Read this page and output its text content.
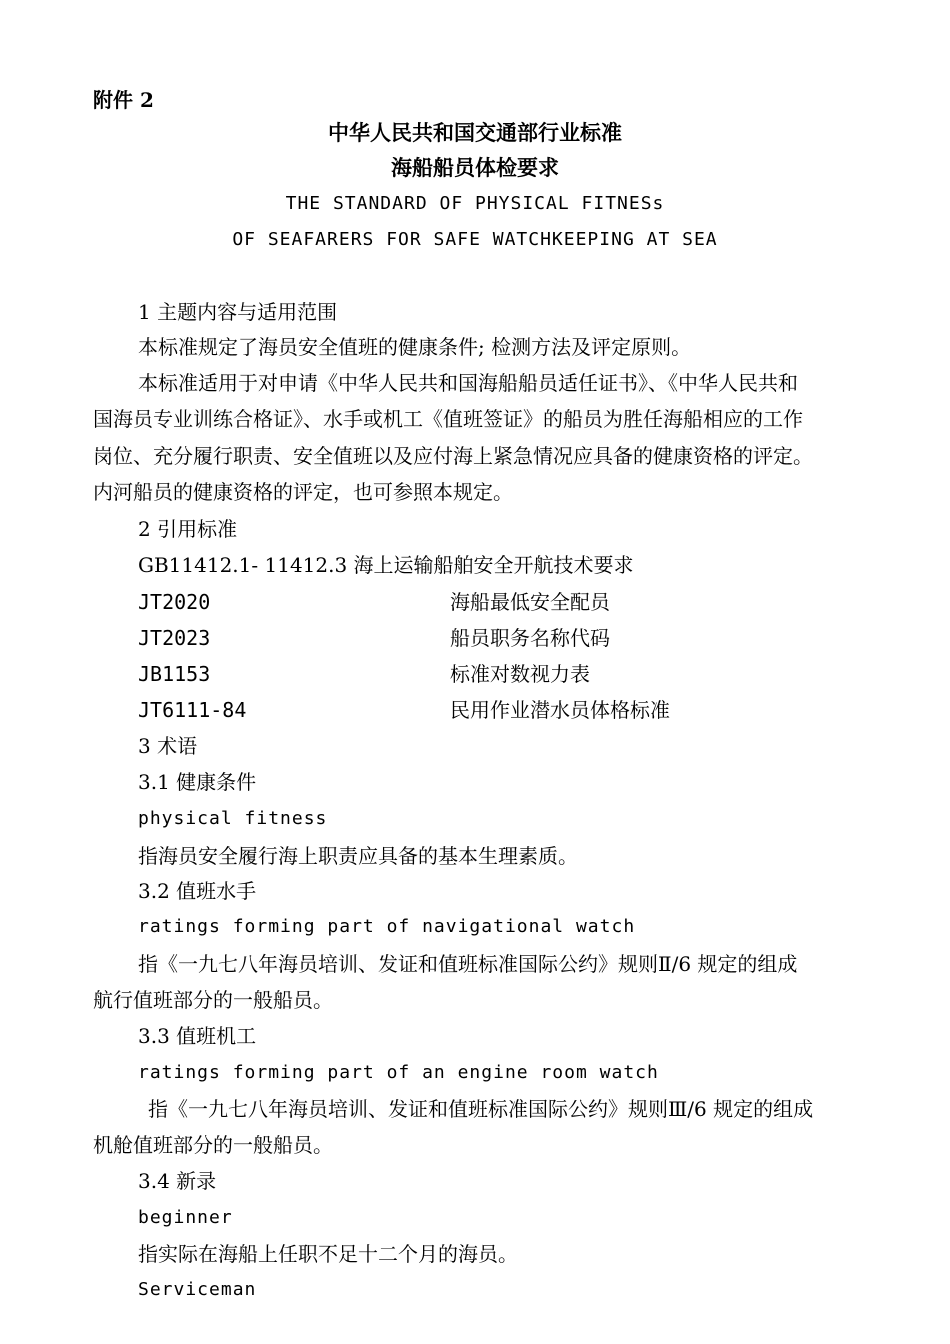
附件 2
中华人民共和国交通部行业标准
海船船员体检要求
THE STANDARD OF PHYSICAL FITNESs
OF SEAFARERS FOR SAFE WATCHKEEPING AT SEA
1 主题内容与适用范围
本标准规定了海员安全值班的健康条件; 检测方法及评定原则。
本标准适用于对申请《中华人民共和国海船船员适任证书》、《中华人民共和
国海员专业训练合格证》、水手或机工《值班签证》的船员为胜任海船相应的工作
岗位、充分履行职责、安全值班以及应付海上紧急情况应具备的健康资格的评定。
内河船员的健康资格的评定，也可参照本规定。
2 引用标准
GB11412.1- 11412.3 海上运输船舶安全开航技术要求
JT2020	海船最低安全配员
JT2023	船员职务名称代码
JB1153	标准对数视力表
JT6111-84	民用作业潜水员体格标准
3 术语
3.1 健康条件
physical fitness
指海员安全履行海上职责应具备的基本生理素质。
3.2 值班水手
ratings forming part of navigational watch
指《一九七八年海员培训、发证和值班标准国际公约》规则Ⅱ/6 规定的组成
航行值班部分的一般船员。
3.3 值班机工
ratings forming part of an engine room watch
指《一九七八年海员培训、发证和值班标准国际公约》规则Ⅲ/6 规定的组成
机舱值班部分的一般船员。
3.4 新录
beginner
指实际在海船上任职不足十二个月的海员。
Serviceman
